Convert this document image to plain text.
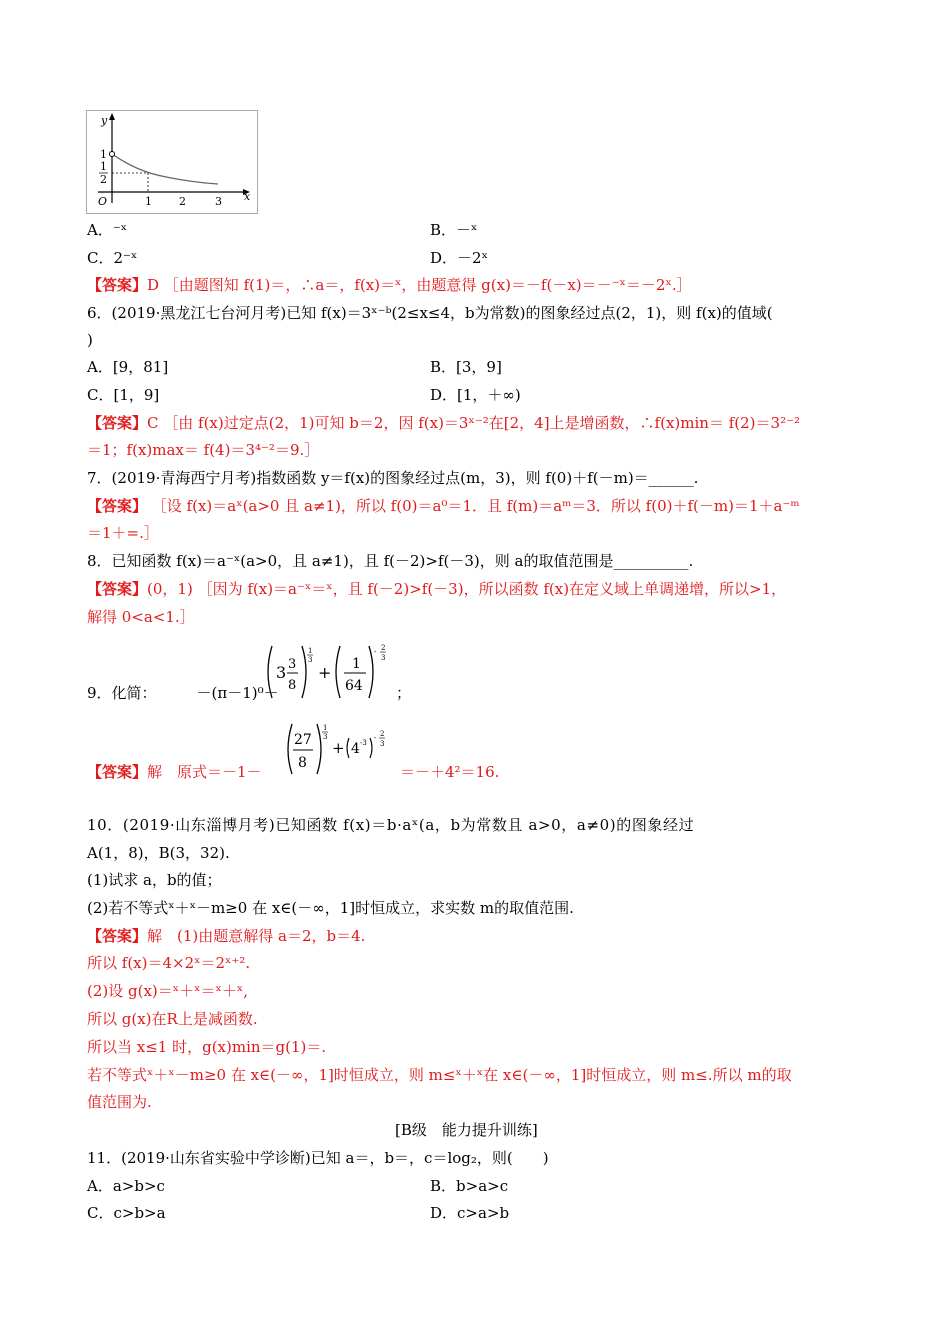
y
x
1
1
2
O	1 2	3
A．⁻ˣ	B．－ˣ
C．2⁻ˣ	D．－2ˣ
【答案】D ［由题图知 f(1)＝，∴a＝，f(x)＝ˣ，由题意得 g(x)＝－f(－x)＝－⁻ˣ＝－2ˣ.］
6．(2019·黑龙江七台河月考)已知 f(x)＝3ˣ⁻ᵇ(2≤x≤4，b为常数)的图象经过点(2，1)，则 f(x)的值域(
)
A．[9，81]	B．[3，9]
C．[1，9]	D．[1，＋∞)
【答案】C ［由 f(x)过定点(2，1)可知 b＝2，因 f(x)＝3ˣ⁻²在[2，4]上是增函数，∴f(x)min＝ f(2)＝3²⁻²
＝1；f(x)max＝ f(4)＝3⁴⁻²＝9.］
7．(2019·青海西宁月考)指数函数 y＝f(x)的图象经过点(m，3)，则 f(0)＋f(－m)＝______.
【答案】 ［设 f(x)＝aˣ(a>0 且 a≠1)，所以 f(0)＝a⁰＝1．且 f(m)＝aᵐ＝3．所以 f(0)＋f(－m)＝1＋a⁻ᵐ
＝1＋=.］
8．已知函数 f(x)＝a⁻ˣ(a>0，且 a≠1)，且 f(－2)>f(－3)，则 a的取值范围是__________.
【答案】(0，1) ［因为 f(x)＝a⁻ˣ＝ˣ，且 f(－2)>f(－3)，所以函数 f(x)在定义域上单调递增，所以>1，
解得 0<a<1.］
9．化简：	－(π－1)⁰－
3 3
8
1
3
+ 1
64
- 2
3
；
【答案】解　原式＝－1－
27
8
1
3
+ 4 -3
- 2
3
＝－＋4²＝16.
10．(2019·山东淄博月考)已知函数 f(x)＝b·aˣ(a，b为常数且 a>0，a≠0)的图象经过
A(1，8)，B(3，32).
(1)试求 a，b的值；
(2)若不等式ˣ＋ˣ－m≥0 在 x∈(－∞，1]时恒成立，求实数 m的取值范围.
【答案】解　(1)由题意解得 a＝2，b＝4.
所以 f(x)＝4×2ˣ＝2ˣ⁺².
(2)设 g(x)＝ˣ＋ˣ＝ˣ＋ˣ,
所以 g(x)在R上是减函数.
所以当 x≤1 时，g(x)min＝g(1)＝.
若不等式ˣ＋ˣ－m≥0 在 x∈(－∞，1]时恒成立，则 m≤ˣ＋ˣ在 x∈(－∞，1]时恒成立，则 m≤.所以 m的取
值范围为.
[B级　能力提升训练]
11．(2019·山东省实验中学诊断)已知 a＝，b＝，c＝log₂，则(　　)
A．a>b>c	B．b>a>c
C．c>b>a	D．c>a>b
